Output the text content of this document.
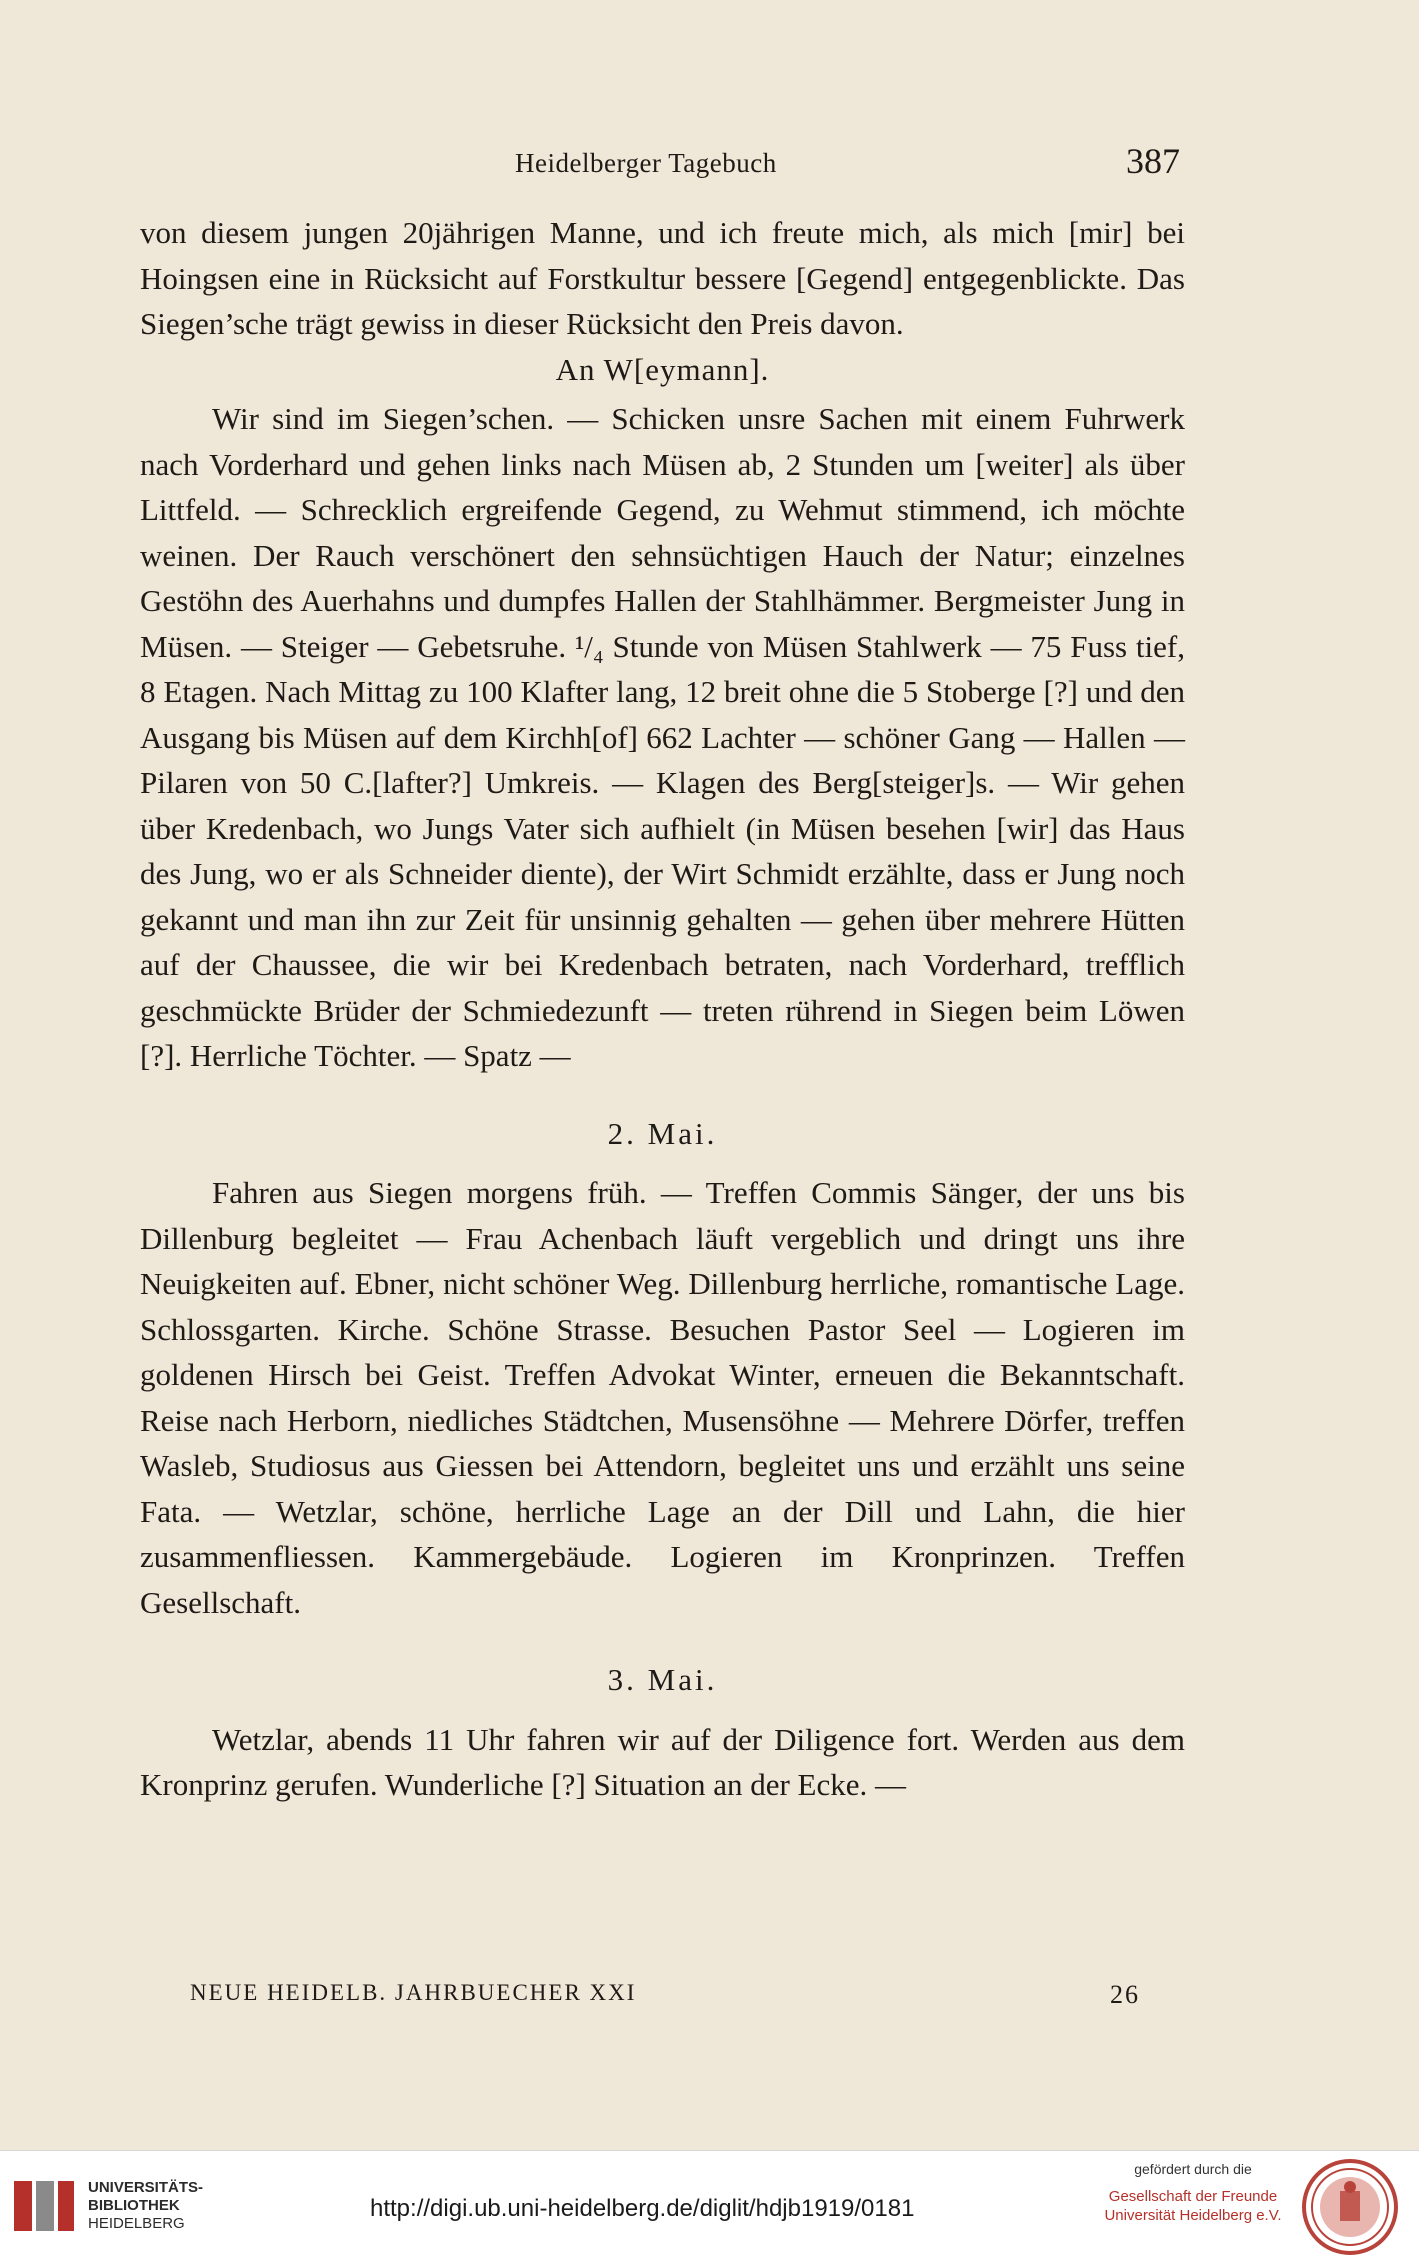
Heidelberger Tagebuch	387

von diesem jungen 20jährigen Manne, und ich freute mich, als mich [mir] bei Hoingsen eine in Rücksicht auf Forstkultur bessere [Gegend] entgegenblickte. Das Siegen’sche trägt gewiss in dieser Rücksicht den Preis davon.

An W[eymann].

Wir sind im Siegen’schen. — Schicken unsre Sachen mit einem Fuhrwerk nach Vorderhard und gehen links nach Müsen ab, 2 Stunden um [weiter] als über Littfeld. — Schrecklich ergreifende Gegend, zu Wehmut stimmend, ich möchte weinen. Der Rauch verschönert den sehnsüchtigen Hauch der Natur; einzelnes Gestöhn des Auerhahns und dumpfes Hallen der Stahlhämmer. Bergmeister Jung in Müsen. — Steiger — Gebetsruhe. ¹/₄ Stunde von Müsen Stahlwerk — 75 Fuss tief, 8 Etagen. Nach Mittag zu 100 Klafter lang, 12 breit ohne die 5 Stoberge [?] und den Ausgang bis Müsen auf dem Kirchh[of] 662 Lachter — schöner Gang — Hallen — Pilaren von 50 C.[lafter?] Umkreis. — Klagen des Berg[steiger]s. — Wir gehen über Kredenbach, wo Jungs Vater sich aufhielt (in Müsen besehen [wir] das Haus des Jung, wo er als Schneider diente), der Wirt Schmidt erzählte, dass er Jung noch gekannt und man ihn zur Zeit für unsinnig gehalten — gehen über mehrere Hütten auf der Chaussee, die wir bei Kredenbach betraten, nach Vorderhard, trefflich geschmückte Brüder der Schmiedezunft — treten rührend in Siegen beim Löwen [?]. Herrliche Töchter. — Spatz —

2. Mai.

Fahren aus Siegen morgens früh. — Treffen Commis Sänger, der uns bis Dillenburg begleitet — Frau Achenbach läuft vergeblich und dringt uns ihre Neuigkeiten auf. Ebner, nicht schöner Weg. Dillenburg herrliche, romantische Lage. Schlossgarten. Kirche. Schöne Strasse. Besuchen Pastor Seel — Logieren im goldenen Hirsch bei Geist. Treffen Advokat Winter, erneuen die Bekanntschaft. Reise nach Herborn, niedliches Städtchen, Musensöhne — Mehrere Dörfer, treffen Wasleb, Studiosus aus Giessen bei Attendorn, begleitet uns und erzählt uns seine Fata. — Wetzlar, schöne, herrliche Lage an der Dill und Lahn, die hier zusammenfliessen. Kammergebäude. Logieren im Kronprinzen. Treffen Gesellschaft.

3. Mai.

Wetzlar, abends 11 Uhr fahren wir auf der Diligence fort. Werden aus dem Kronprinz gerufen. Wunderliche [?] Situation an der Ecke. —

NEUE HEIDELB. JAHRBUECHER XXI	26
UNIVERSITÄTS-
BIBLIOTHEK
HEIDELBERG
http://digi.ub.uni-heidelberg.de/diglit/hdjb1919/0181
gefördert durch die
Gesellschaft der Freunde
Universität Heidelberg e.V.
